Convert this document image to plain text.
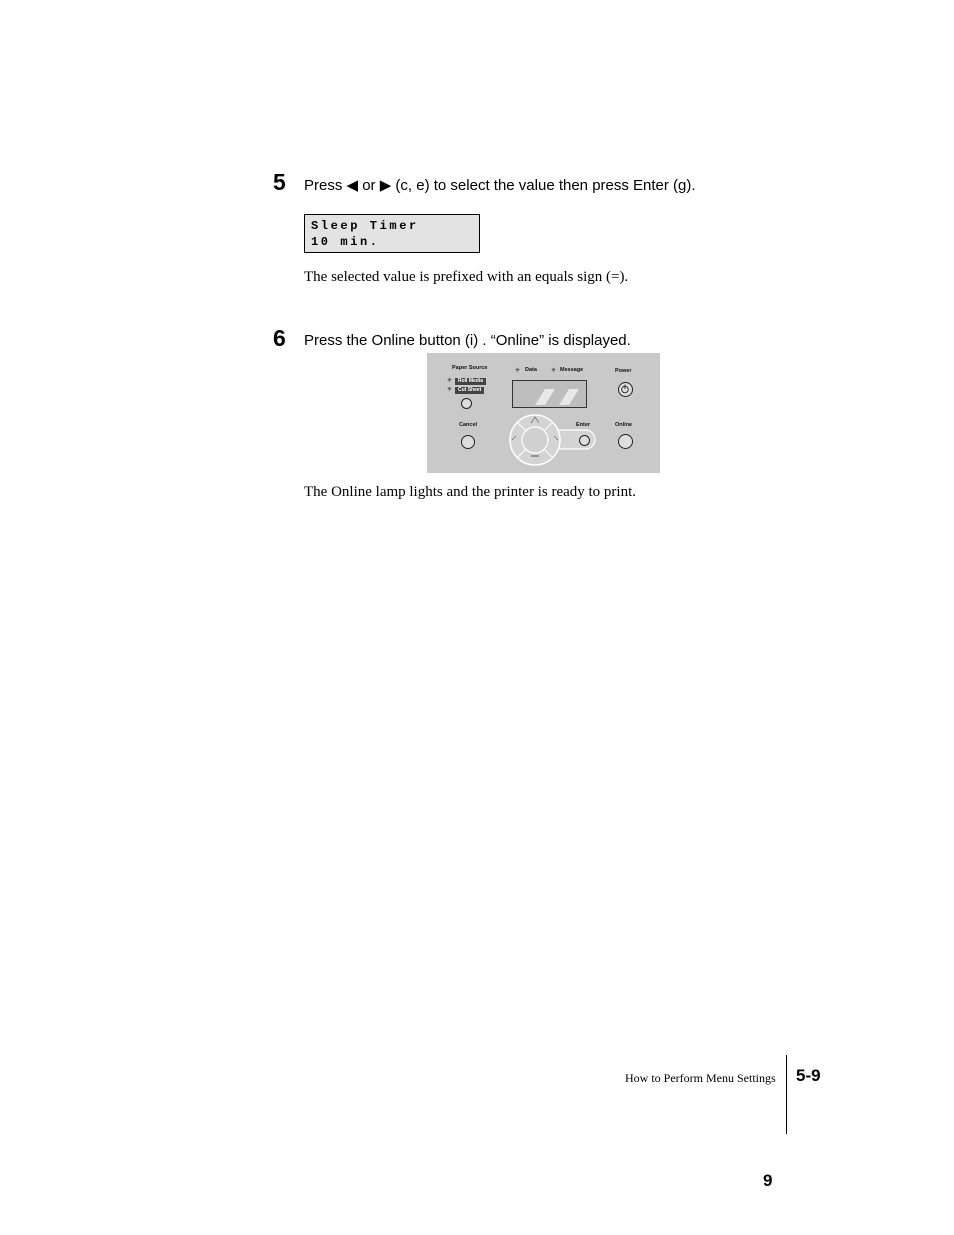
5 Press ◀ or ▶ (c, e) to select the value then press Enter (g).
Sleep Timer
10 min.
The selected value is prefixed with an equals sign (=).
6 Press the Online button (i) . “Online” is displayed.
Paper Source
✳	Roll Media
✳	Cut Sheet
✳ Data ✳ Message	Power
Cancel	Enter	Online
The Online lamp lights and the printer is ready to print.
How to Perform Menu Settings 5-9
9
